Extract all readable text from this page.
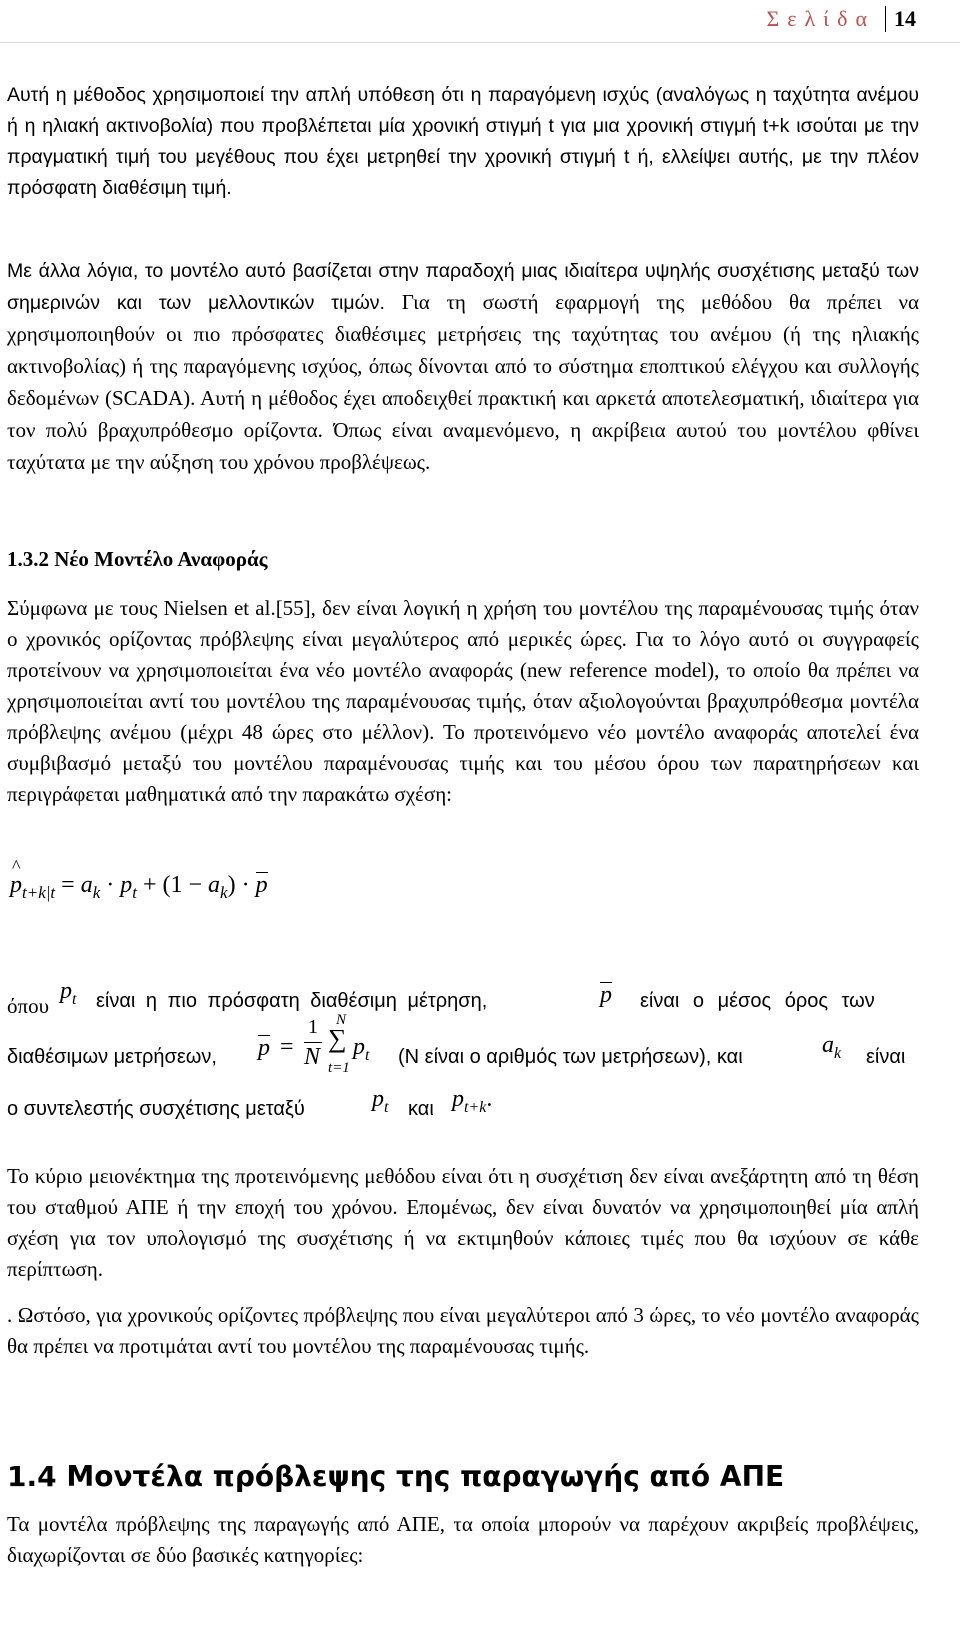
Σελίδα 14

Αυτή η μέθοδος χρησιμοποιεί την απλή υπόθεση ότι η παραγόμενη ισχύς (αναλόγως η ταχύτητα ανέμου ή η ηλιακή ακτινοβολία) που προβλέπεται μία χρονική στιγμή t για μια χρονική στιγμή t+k ισούται με την πραγματική τιμή του μεγέθους που έχει μετρηθεί την χρονική στιγμή t ή, ελλείψει αυτής, με την πλέον πρόσφατη διαθέσιμη τιμή.

Με άλλα λόγια, το μοντέλο αυτό βασίζεται στην παραδοχή μιας ιδιαίτερα υψηλής συσχέτισης μεταξύ των σημερινών και των μελλοντικών τιμών. Για τη σωστή εφαρμογή της μεθόδου θα πρέπει να χρησιμοποιηθούν οι πιο πρόσφατες διαθέσιμες μετρήσεις της ταχύτητας του ανέμου (ή της ηλιακής ακτινοβολίας) ή της παραγόμενης ισχύος, όπως δίνονται από το σύστημα εποπτικού ελέγχου και συλλογής δεδομένων (SCADA). Αυτή η μέθοδος έχει αποδειχθεί πρακτική και αρκετά αποτελεσματική, ιδιαίτερα για τον πολύ βραχυπρόθεσμο ορίζοντα. Όπως είναι αναμενόμενο, η ακρίβεια αυτού του μοντέλου φθίνει ταχύτατα με την αύξηση του χρόνου προβλέψεως.

1.3.2 Νέο Μοντέλο Αναφοράς

Σύμφωνα με τους Nielsen et al.[55], δεν είναι λογική η χρήση του μοντέλου της παραμένουσας τιμής όταν ο χρονικός ορίζοντας πρόβλεψης είναι μεγαλύτερος από μερικές ώρες. Για το λόγο αυτό οι συγγραφείς προτείνουν να χρησιμοποιείται ένα νέο μοντέλο αναφοράς (new reference model), το οποίο θα πρέπει να χρησιμοποιείται αντί του μοντέλου της παραμένουσας τιμής, όταν αξιολογούνται βραχυπρόθεσμα μοντέλα πρόβλεψης ανέμου (μέχρι 48 ώρες στο μέλλον). Το προτεινόμενο νέο μοντέλο αναφοράς αποτελεί ένα συμβιβασμό μεταξύ του μοντέλου παραμένουσας τιμής και του μέσου όρου των παρατηρήσεων και περιγράφεται μαθηματικά από την παρακάτω σχέση:

^ $p_{t+k|t} = a_k \cdot p_t + (1 - a_k) \cdot p$
όπου
$p_t$ είναι η πιο πρόσφατη διαθέσιμη μέτρηση,	p είναι ο μέσος όρος των
διαθέσιμων μετρήσεων, p =
1
N
N
∑
t=1
$p_t$ (N είναι ο αριθμός των μετρήσεων), και	$a_k$ είναι
ο συντελεστής συσχέτισης μεταξύ	$p_t$ και $p_{t+k}$.

Το κύριο μειονέκτημα της προτεινόμενης μεθόδου είναι ότι η συσχέτιση δεν είναι ανεξάρτητη από τη θέση του σταθμού ΑΠΕ ή την εποχή του χρόνου. Επομένως, δεν είναι δυνατόν να χρησιμοποιηθεί μία απλή σχέση για τον υπολογισμό της συσχέτισης ή να εκτιμηθούν κάποιες τιμές που θα ισχύουν σε κάθε περίπτωση.

. Ωστόσο, για χρονικούς ορίζοντες πρόβλεψης που είναι μεγαλύτεροι από 3 ώρες, το νέο μοντέλο αναφοράς θα πρέπει να προτιμάται αντί του μοντέλου της παραμένουσας τιμής.

1.4 Μοντέλα πρόβλεψης της παραγωγής από ΑΠΕ

Τα μοντέλα πρόβλεψης της παραγωγής από ΑΠΕ, τα οποία μπορούν να παρέχουν ακριβείς προβλέψεις, διαχωρίζονται σε δύο βασικές κατηγορίες:
